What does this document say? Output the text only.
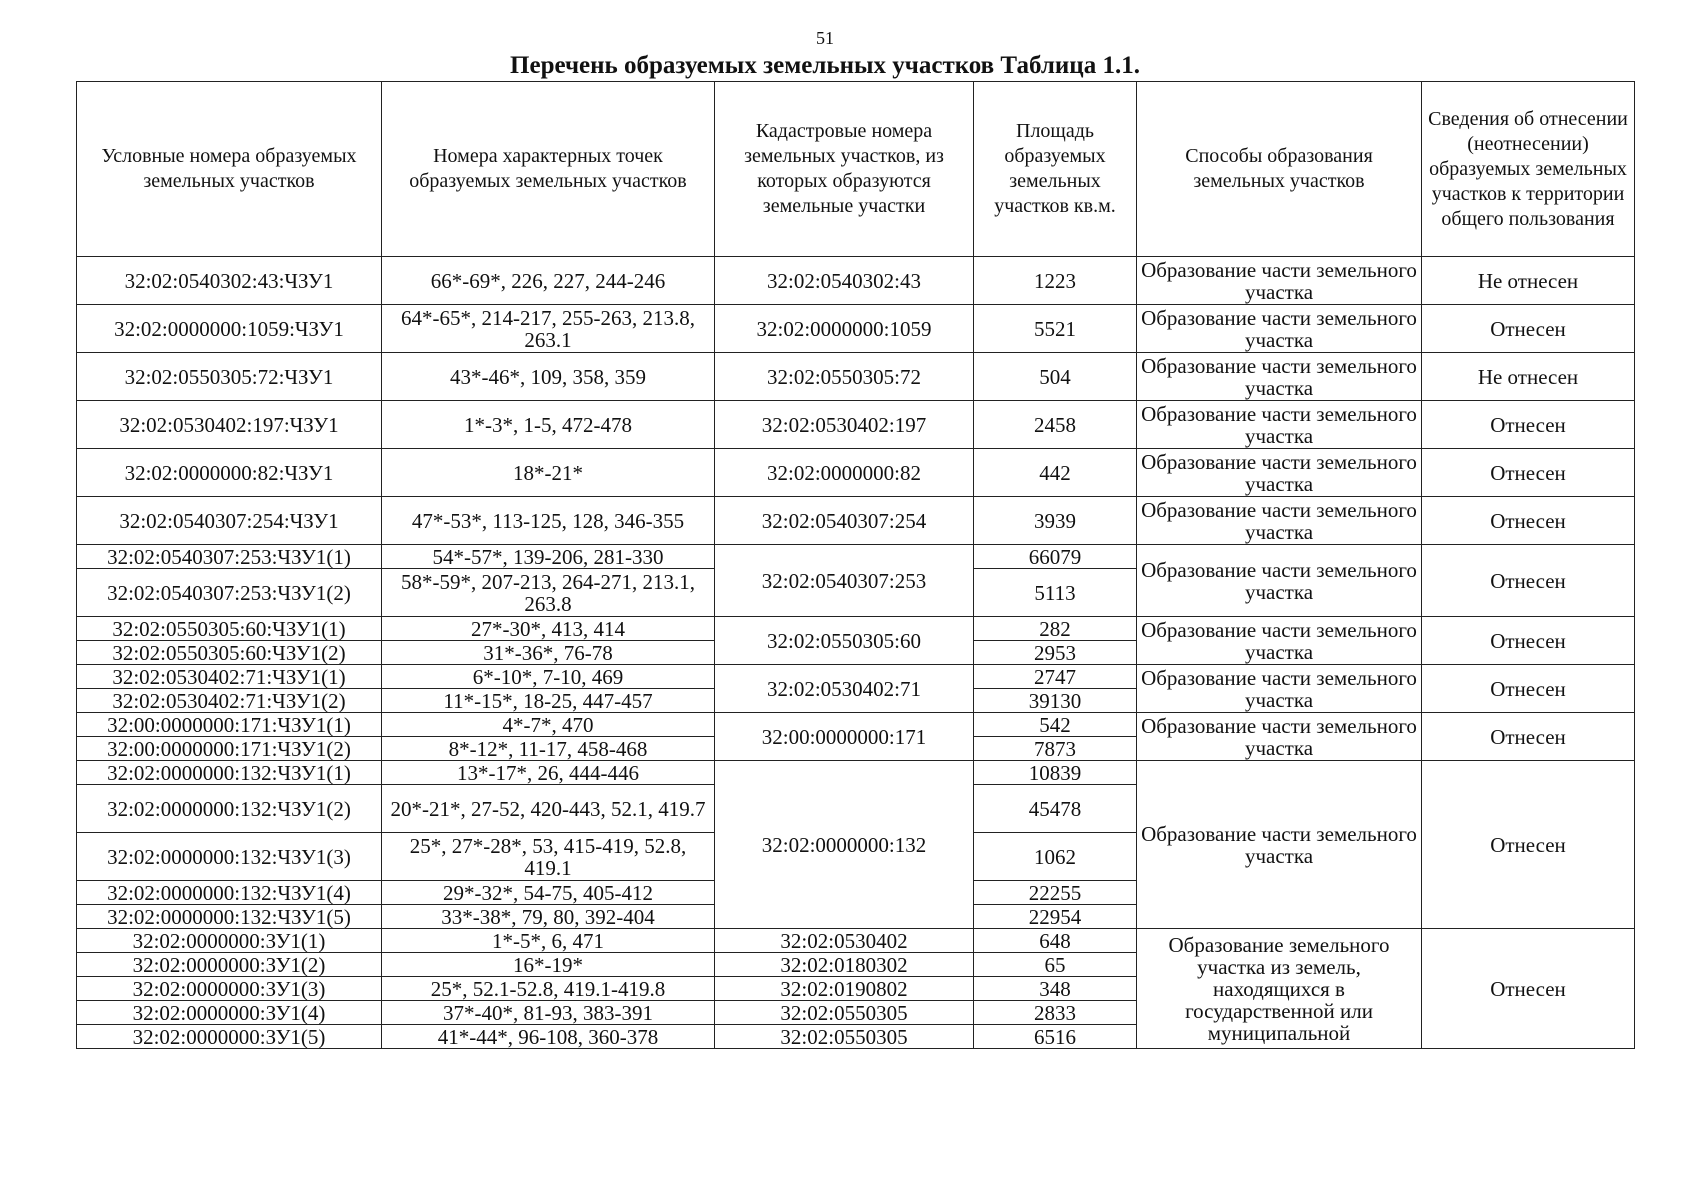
51
Перечень образуемых земельных участков Таблица 1.1.
Условные номера образуемых земельных участков	Номера характерных точек образуемых земельных участков	Кадастровые номера земельных участков, из которых образуются земельные участки	Площадь образуемых земельных участков кв.м.	Способы образования земельных участков	Сведения об отнесении (неотнесении) образуемых земельных участков к территории общего пользования
32:02:0540302:43:ЧЗУ1	66*-69*, 226, 227, 244-246	32:02:0540302:43	1223	Образование части земельного участка	Не отнесен
32:02:0000000:1059:ЧЗУ1	64*-65*, 214-217, 255-263, 213.8, 263.1	32:02:0000000:1059	5521	Образование части земельного участка	Отнесен
32:02:0550305:72:ЧЗУ1	43*-46*, 109, 358, 359	32:02:0550305:72	504	Образование части земельного участка	Не отнесен
32:02:0530402:197:ЧЗУ1	1*-3*, 1-5, 472-478	32:02:0530402:197	2458	Образование части земельного участка	Отнесен
32:02:0000000:82:ЧЗУ1	18*-21*	32:02:0000000:82	442	Образование части земельного участка	Отнесен
32:02:0540307:254:ЧЗУ1	47*-53*, 113-125, 128, 346-355	32:02:0540307:254	3939	Образование части земельного участка	Отнесен
32:02:0540307:253:ЧЗУ1(1)	54*-57*, 139-206, 281-330	32:02:0540307:253	66079	Образование части земельного участка	Отнесен
32:02:0540307:253:ЧЗУ1(2)	58*-59*, 207-213, 264-271, 213.1, 263.8		5113		
32:02:0550305:60:ЧЗУ1(1)	27*-30*, 413, 414	32:02:0550305:60	282	Образование части земельного участка	Отнесен
32:02:0550305:60:ЧЗУ1(2)	31*-36*, 76-78		2953		
32:02:0530402:71:ЧЗУ1(1)	6*-10*, 7-10, 469	32:02:0530402:71	2747	Образование части земельного участка	Отнесен
32:02:0530402:71:ЧЗУ1(2)	11*-15*, 18-25, 447-457		39130		
32:00:0000000:171:ЧЗУ1(1)	4*-7*, 470	32:00:0000000:171	542	Образование части земельного участка	Отнесен
32:00:0000000:171:ЧЗУ1(2)	8*-12*, 11-17, 458-468		7873		
32:02:0000000:132:ЧЗУ1(1)	13*-17*, 26, 444-446	32:02:0000000:132	10839	Образование части земельного участка	Отнесен
32:02:0000000:132:ЧЗУ1(2)	20*-21*, 27-52, 420-443, 52.1, 419.7		45478		
32:02:0000000:132:ЧЗУ1(3)	25*, 27*-28*, 53, 415-419, 52.8, 419.1		1062		
32:02:0000000:132:ЧЗУ1(4)	29*-32*, 54-75, 405-412		22255		
32:02:0000000:132:ЧЗУ1(5)	33*-38*, 79, 80, 392-404		22954		
32:02:0000000:ЗУ1(1)	1*-5*, 6, 471	32:02:0530402	648	Образование земельного участка из земель, находящихся в государственной или муниципальной	Отнесен
32:02:0000000:ЗУ1(2)	16*-19*	32:02:0180302	65		
32:02:0000000:ЗУ1(3)	25*, 52.1-52.8, 419.1-419.8	32:02:0190802	348		
32:02:0000000:ЗУ1(4)	37*-40*, 81-93, 383-391	32:02:0550305	2833		
32:02:0000000:ЗУ1(5)	41*-44*, 96-108, 360-378	32:02:0550305	6516		
